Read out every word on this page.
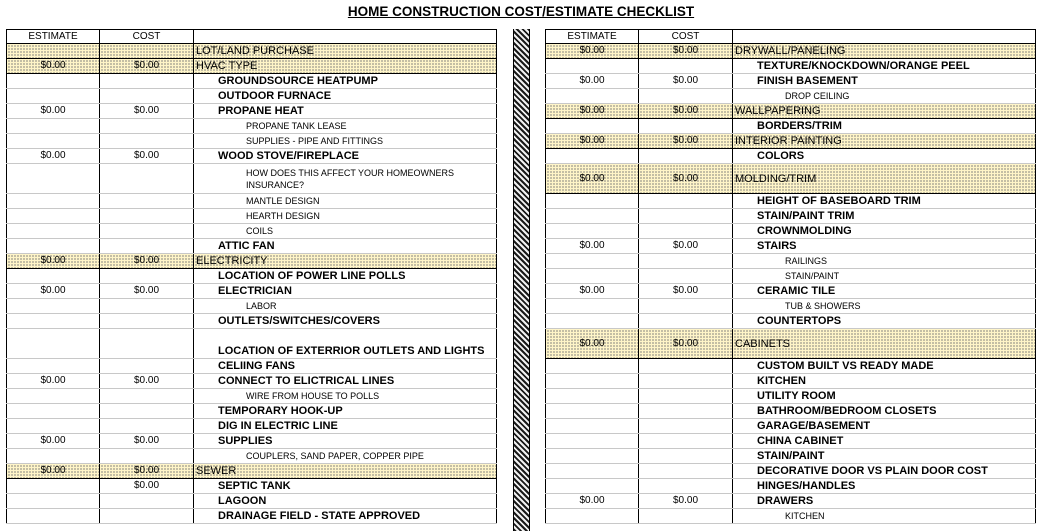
HOME CONSTRUCTION COST/ESTIMATE CHECKLIST
ESTIMATE	COST	
		LOT/LAND PURCHASE
$0.00	$0.00	HVAC TYPE
		GROUNDSOURCE HEATPUMP
		OUTDOOR FURNACE
$0.00	$0.00	PROPANE HEAT
		PROPANE TANK LEASE
		SUPPLIES - PIPE AND FITTINGS
$0.00	$0.00	WOOD STOVE/FIREPLACE
		HOW DOES THIS AFFECT YOUR HOMEOWNERS INSURANCE?
		MANTLE DESIGN
		HEARTH DESIGN
		COILS
		ATTIC FAN
$0.00	$0.00	ELECTRICITY
		LOCATION OF POWER LINE POLLS
$0.00	$0.00	ELECTRICIAN
		LABOR
		OUTLETS/SWITCHES/COVERS
		LOCATION OF EXTERRIOR OUTLETS AND LIGHTS
		CELIING FANS
$0.00	$0.00	CONNECT TO ELICTRICAL LINES
		WIRE FROM HOUSE TO POLLS
		TEMPORARY HOOK-UP
		DIG IN ELECTRIC LINE
$0.00	$0.00	SUPPLIES
		COUPLERS, SAND PAPER, COPPER PIPE
$0.00	$0.00	SEWER
	$0.00	SEPTIC TANK
		LAGOON
		DRAINAGE FIELD - STATE APPROVED
ESTIMATE	COST	
$0.00	$0.00	DRYWALL/PANELING
		TEXTURE/KNOCKDOWN/ORANGE PEEL
$0.00	$0.00	FINISH BASEMENT
		DROP CEILING
$0.00	$0.00	WALLPAPERING
		BORDERS/TRIM
$0.00	$0.00	INTERIOR PAINTING
		COLORS
$0.00	$0.00	MOLDING/TRIM
		HEIGHT OF BASEBOARD TRIM
		STAIN/PAINT TRIM
		CROWNMOLDING
$0.00	$0.00	STAIRS
		RAILINGS
		STAIN/PAINT
$0.00	$0.00	CERAMIC TILE
		TUB & SHOWERS
		COUNTERTOPS
$0.00	$0.00	CABINETS
		CUSTOM BUILT VS READY MADE
		KITCHEN
		UTILITY ROOM
		BATHROOM/BEDROOM CLOSETS
		GARAGE/BASEMENT
		CHINA CABINET
		STAIN/PAINT
		DECORATIVE DOOR VS PLAIN DOOR COST
		HINGES/HANDLES
$0.00	$0.00	DRAWERS
		KITCHEN
